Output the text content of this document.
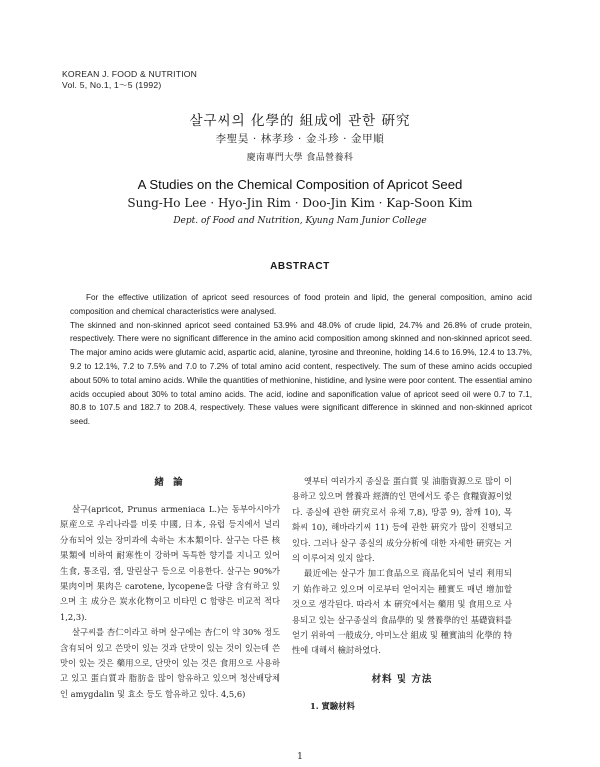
KOREAN J. FOOD & NUTRITION
Vol. 5, No.1, 1～5 (1992)
살구씨의 化學的 組成에 관한 硏究
李聖昊 · 林孝珍 · 金斗珍 · 金甲順
慶南專門大學 食品營養科
A Studies on the Chemical Composition of Apricot Seed
Sung-Ho Lee · Hyo-Jin Rim · Doo-Jin Kim · Kap-Soon Kim
Dept. of Food and Nutrition, Kyung Nam Junior College
ABSTRACT

For the effective utilization of apricot seed resources of food protein and lipid, the general composition, amino acid composition and chemical characteristics were analysed.

The skinned and non-skinned apricot seed contained 53.9% and 48.0% of crude lipid, 24.7% and 26.8% of crude protein, respectively. There were no significant difference in the amino acid composition among skinned and non-skinned apricot seed. The major amino acids were glutamic acid, aspartic acid, alanine, tyrosine and threonine, holding 14.6 to 16.9%, 12.4 to 13.7%, 9.2 to 12.1%, 7.2 to 7.5% and 7.0 to 7.2% of total amino acid content, respectively. The sum of these amino acids occupied about 50% to total amino acids. While the quantities of methionine, histidine, and lysine were poor content. The essential amino acids occupied about 30% to total amino acids. The acid, iodine and saponification value of apricot seed oil were 0.7 to 7.1, 80.8 to 107.5 and 182.7 to 208.4, respectively. These values were significant difference in skinned and non-skinned apricot seed.

緖 論

살구(apricot, Prunus armeniaca L.)는 동부아시아가 原産으로 우리나라를 비롯 中國, 日本, 유럽 등지에서 널리 分布되어 있는 장미과에 속하는 木本類이다. 살구는 다른 核果類에 비하여 耐寒性이 강하며 독특한 향기를 지니고 있어 生食, 통조림, 잼, 말린살구 등으로 이용한다. 살구는 90%가 果肉이며 果肉은 carotene, lycopene을 다량 含有하고 있으며 主 成分은 炭水化物이고 비타민 C 함량은 비교적 적다 1,2,3).

살구씨를 杏仁이라고 하며 살구에는 杏仁이 약 30% 정도 含有되어 있고 쓴맛이 있는 것과 단맛이 있는 것이 있는데 쓴맛이 있는 것은 藥用으로, 단맛이 있는 것은 食用으로 사용하고 있고 蛋白質과 脂肪을 많이 함유하고 있으며 청산배당체인 amygdalin 및 효소 등도 함유하고 있다. 4,5,6)

옛부터 여러가지 종실을 蛋白質 및 油脂資源으로 많이 이용하고 있으며 營養과 經濟的인 면에서도 좋은 食糧資源이었다. 종실에 관한 硏究로서 유채 7,8), 땅콩 9), 참깨 10), 목화씨 10), 해바라기씨 11) 등에 관한 硏究가 많이 진행되고 있다. 그러나 살구 종실의 成分分析에 대한 자세한 硏究는 거의 이루어져 있지 않다.

最近에는 살구가 加工食品으로 商品化되어 널리 利用되기 始作하고 있으며 이로부터 얻어지는 種實도 매년 增加할 것으로 생각된다. 따라서 本 硏究에서는 藥用 및 食用으로 사용되고 있는 살구종실의 食品學的 및 營養學的인 基礎資料를 얻기 위하여 一般成分, 아미노산 組成 및 種實油의 化學的 特性에 대해서 檢討하였다.

材料 및 方法

1. 實驗材料

1
